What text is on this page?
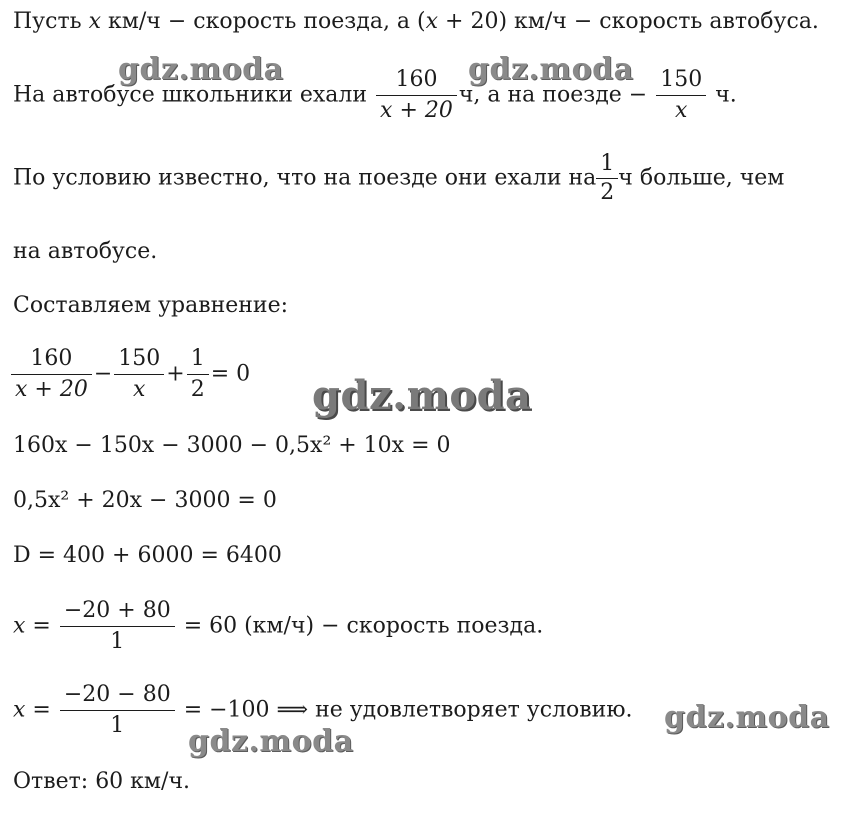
Пусть x км/ч − скорость поезда, а (x + 20) км/ч − скорость автобуса.
На автобусе школьники ехали $\frac{160}{x + 20} ч$, а на поезде − $\frac{150}{x} ч$.
По условию известно, что на поезде они ехали на $\frac{1}{2}$ ч больше, чем
на автобусе.
Составляем уравнение:
$\frac{160}{x + 20} - \frac{150}{x} + \frac{1}{2} = 0$
160x − 150x − 3000 − 0,5x² + 10x = 0
0,5x² + 20x − 3000 = 0
D = 400 + 6000 = 6400
$x = \frac{-20 + 80}{1} = 60$ (км/ч) − скорость поезда.
$x = \frac{-20 - 80}{1} = -100$ ⟹ не удовлетворяет условию.
Ответ: 60 км/ч.
gdz.moda	gdz.moda
gdz.moda
gdz.moda
gdz.moda
